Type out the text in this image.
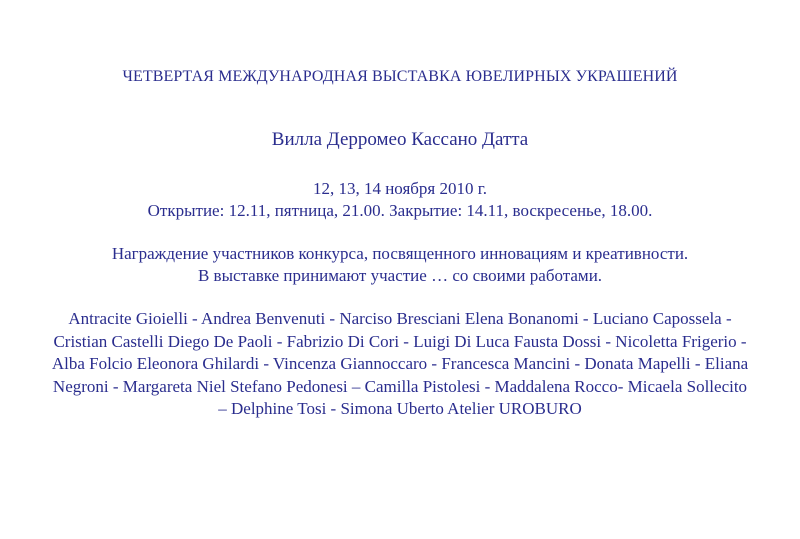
ЧЕТВЕРТАЯ МЕЖДУНАРОДНАЯ ВЫСТАВКА ЮВЕЛИРНЫХ УКРАШЕНИЙ
Вилла Дерромео Кассано Датта
12, 13, 14 ноября 2010 г.
Открытие: 12.11, пятница, 21.00. Закрытие: 14.11, воскресенье, 18.00.
Награждение участников конкурса, посвященного инновациям и креативности.
В выставке принимают участие … со своими работами.
Antracite Gioielli - Andrea Benvenuti - Narciso Bresciani Elena Bonanomi - Luciano Capossela - Cristian Castelli Diego De Paoli - Fabrizio Di Cori - Luigi Di Luca Fausta Dossi - Nicoletta Frigerio - Alba Folcio Eleonora Ghilardi - Vincenza Giannoccaro - Francesca Mancini - Donata Mapelli - Eliana Negroni - Margareta Niel Stefano Pedonesi – Camilla Pistolesi - Maddalena Rocco- Micaela Sollecito – Delphine Tosi - Simona Uberto Atelier UROBURO
